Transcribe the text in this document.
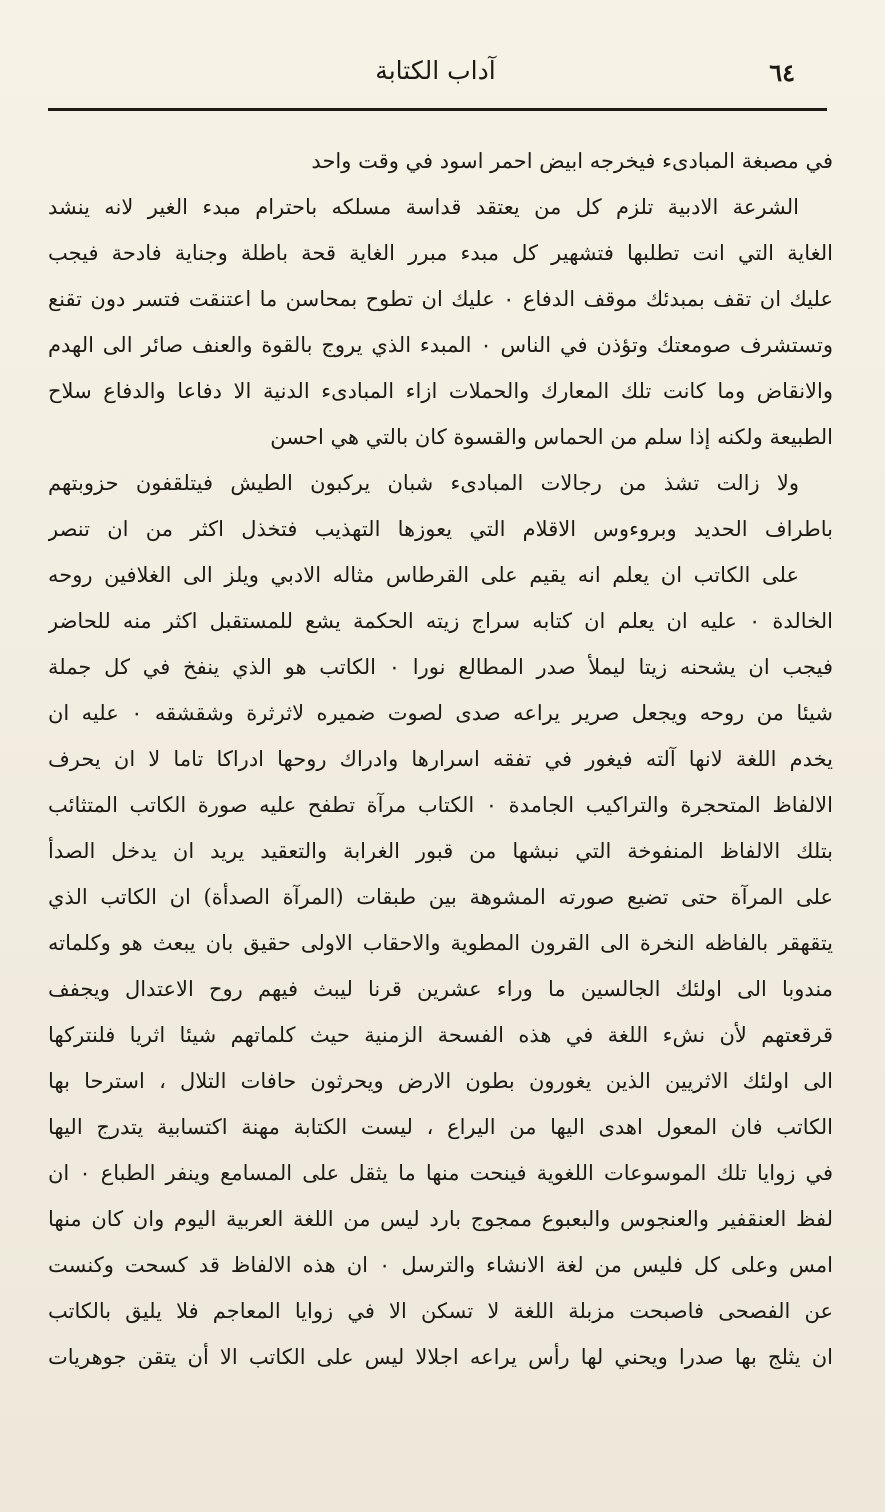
٦٤
آداب الكتابة
في مصبغة المبادىء فيخرجه ابيض احمر اسود في وقت واحد
الشرعة الادبية تلزم كل من يعتقد قداسة مسلكه باحترام مبدء الغير لانه ينشد
الغاية التي انت تطلبها فتشهير كل مبدء مبرر الغاية قحة باطلة وجناية فادحة فيجب
عليك ان تقف بمبدئك موقف الدفاع ٠ عليك ان تطوح بمحاسن ما اعتنقت فتسر دون تقنع
وتستشرف صومعتك وتؤذن في الناس ٠ المبدء الذي يروج بالقوة والعنف صائر الى الهدم
والانقاض وما كانت تلك المعارك والحملات ازاء المبادىء الدنية الا دفاعا والدفاع سلاح
الطبيعة ولكنه إذا سلم من الحماس والقسوة كان بالتي هي احسن
ولا زالت تشذ من رجالات المبادىء شبان يركبون الطيش فيتلقفون حزوبتهم
باطراف الحديد وبروءوس الاقلام التي يعوزها التهذيب فتخذل اكثر من ان تنصر
على الكاتب ان يعلم انه يقيم على القرطاس مثاله الادبي ويلز الى الغلافين روحه
الخالدة ٠ عليه ان يعلم ان كتابه سراج زيته الحكمة يشع للمستقبل اكثر منه للحاضر
فيجب ان يشحنه زيتا ليملأ صدر المطالع نورا ٠ الكاتب هو الذي ينفخ في كل جملة
شيئا من روحه ويجعل صرير يراعه صدى لصوت ضميره لاثرثرة وشقشقه ٠ عليه ان
يخدم اللغة لانها آلته فيغور في تفقه اسرارها وادراك روحها ادراكا تاما لا ان يحرف
الالفاظ المتحجرة والتراكيب الجامدة ٠ الكتاب مرآة تطفح عليه صورة الكاتب المتثائب
بتلك الالفاظ المنفوخة التي نبشها من قبور الغرابة والتعقيد يريد ان يدخل الصدأ
على المرآة حتى تضيع صورته المشوهة بين طبقات (المرآة الصدأة) ان الكاتب الذي
يتقهقر بالفاظه النخرة الى القرون المطوية والاحقاب الاولى حقيق بان يبعث هو وكلماته
مندوبا الى اولئك الجالسين ما وراء عشرين قرنا ليبث فيهم روح الاعتدال ويجفف
قرقعتهم لأن نشء اللغة في هذه الفسحة الزمنية حيث كلماتهم شيئا اثريا فلنتركها
الى اولئك الاثريين الذين يغورون بطون الارض ويحرثون حافات التلال ، استرحا بها
الكاتب فان المعول اهدى اليها من اليراع ، ليست الكتابة مهنة اكتسابية يتدرج اليها
في زوايا تلك الموسوعات اللغوية فينحت منها ما يثقل على المسامع وينفر الطباع ٠ ان
لفظ العنقفير والعنجوس والبعبوع ممجوج بارد ليس من اللغة العربية اليوم وان كان منها
امس وعلى كل فليس من لغة الانشاء والترسل ٠ ان هذه الالفاظ قد كسحت وكنست
عن الفصحى فاصبحت مزبلة اللغة لا تسكن الا في زوايا المعاجم فلا يليق بالكاتب
ان يثلج بها صدرا ويحني لها رأس يراعه اجلالا ليس على الكاتب الا أن يتقن جوهريات
